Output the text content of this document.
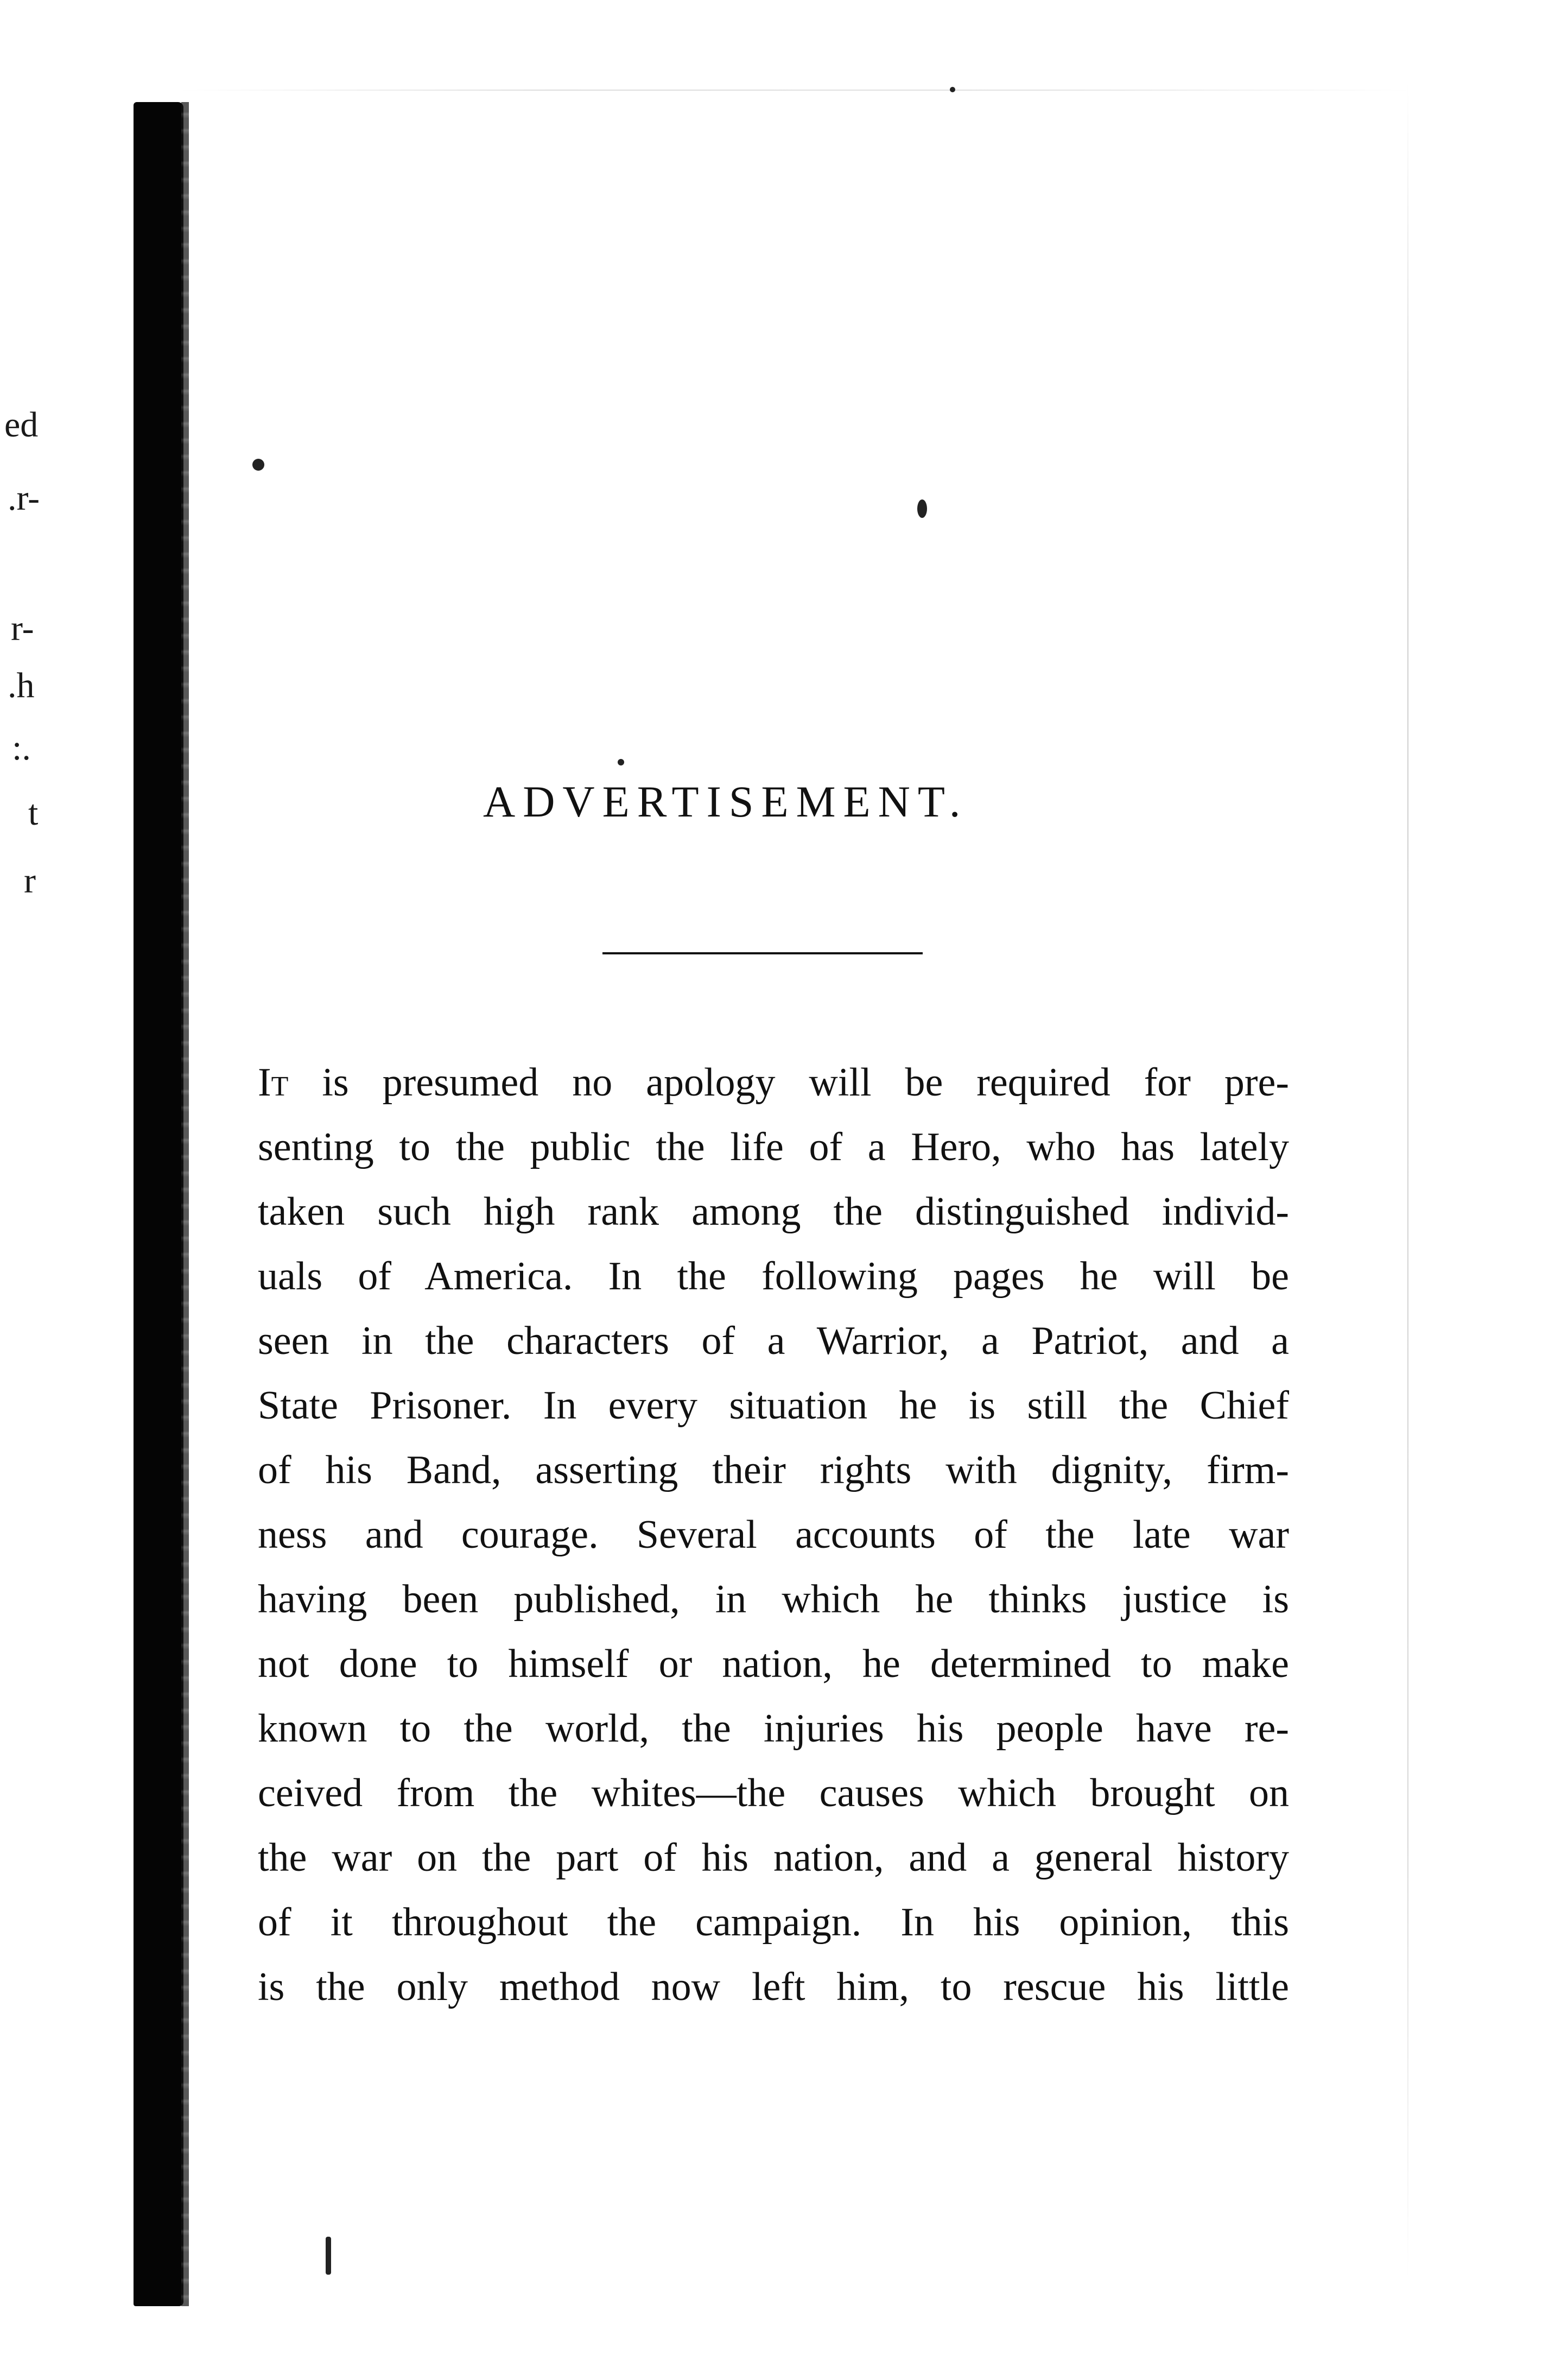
ed
.r-
r-
.h
:.
t
r
ADVERTISEMENT.
It is presumed no apology will be required for pre-
senting to the public the life of a Hero, who has lately
taken such high rank among the distinguished individ-
uals of America. In the following pages he will be
seen in the characters of a Warrior, a Patriot, and a
State Prisoner. In every situation he is still the Chief
of his Band, asserting their rights with dignity, firm-
ness and courage. Several accounts of the late war
having been published, in which he thinks justice is
not done to himself or nation, he determined to make
known to the world, the injuries his people have re-
ceived from the whites—the causes which brought on
the war on the part of his nation, and a general history
of it throughout the campaign. In his opinion, this
is the only method now left him, to rescue his little
